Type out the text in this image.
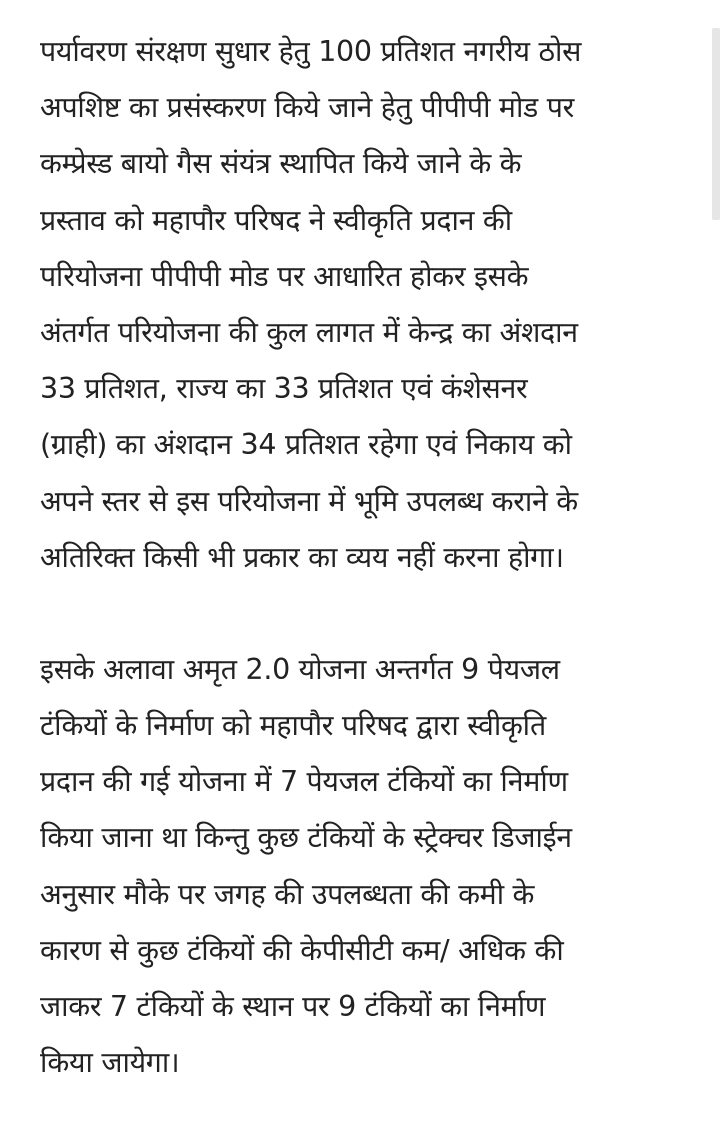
पर्यावरण संरक्षण सुधार हेतु 100 प्रतिशत नगरीय ठोस
अपशिष्ट का प्रसंस्करण किये जाने हेतु पीपीपी मोड पर
कम्प्रेस्ड बायो गैस संयंत्र स्थापित किये जाने के के
प्रस्ताव को महापौर परिषद ने स्वीकृति प्रदान की
परियोजना पीपीपी मोड पर आधारित होकर इसके
अंतर्गत परियोजना की कुल लागत में केन्द्र का अंशदान
33 प्रतिशत, राज्य का 33 प्रतिशत एवं कंशेसनर
(ग्राही) का अंशदान 34 प्रतिशत रहेगा एवं निकाय को
अपने स्तर से इस परियोजना में भूमि उपलब्ध कराने के
अतिरिक्त किसी भी प्रकार का व्यय नहीं करना होगा।

इसके अलावा अमृत 2.0 योजना अन्तर्गत 9 पेयजल
टंकियों के निर्माण को महापौर परिषद द्वारा स्वीकृति
प्रदान की गई योजना में 7 पेयजल टंकियों का निर्माण
किया जाना था किन्तु कुछ टंकियों के स्ट्रेक्चर डिजाईन
अनुसार मौके पर जगह की उपलब्धता की कमी के
कारण से कुछ टंकियों की केपीसीटी कम/ अधिक की
जाकर 7 टंकियों के स्थान पर 9 टंकियों का निर्माण
किया जायेगा।
